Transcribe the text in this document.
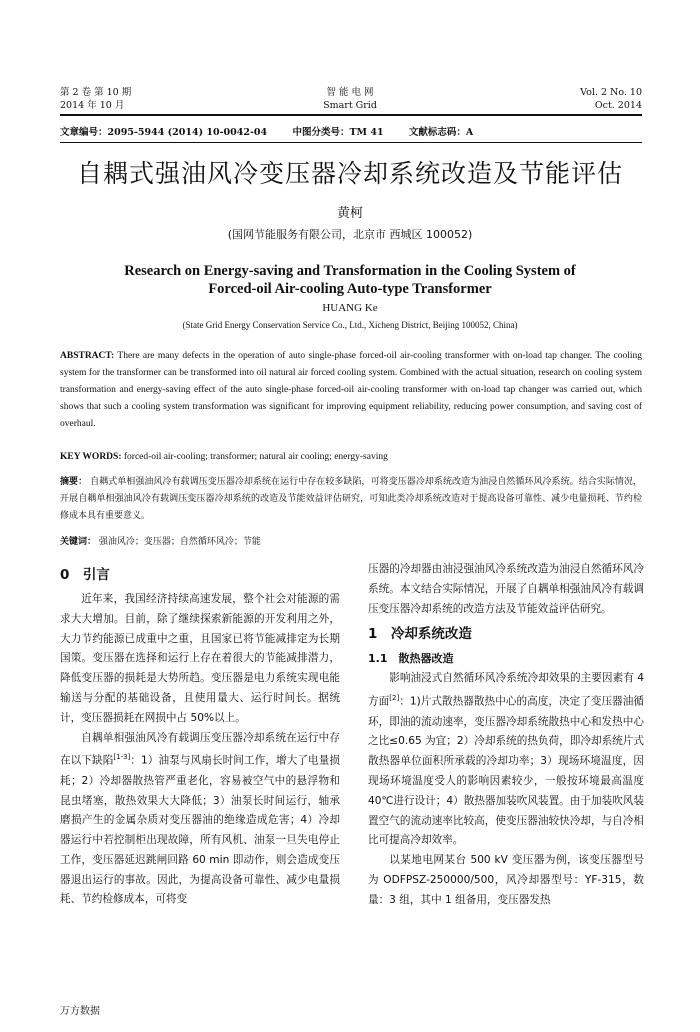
第 2 卷 第 10 期
2014 年 10 月
智 能 电 网
Smart Grid
Vol. 2 No. 10
Oct. 2014
文章编号：2095-5944 (2014) 10-0042-04	中图分类号：TM 41	文献标志码：A
自耦式强油风冷变压器冷却系统改造及节能评估
黄柯
(国网节能服务有限公司，北京市 西城区 100052)
Research on Energy-saving and Transformation in the Cooling System of
Forced-oil Air-cooling Auto-type Transformer
HUANG Ke
(State Grid Energy Conservation Service Co., Ltd., Xicheng District, Beijing 100052, China)
ABSTRACT: There are many defects in the operation of auto single-phase forced-oil air-cooling transformer with on-load tap changer. The cooling system for the transformer can be transformed into oil natural air forced cooling system. Combined with the actual situation, research on cooling system transformation and energy-saving effect of the auto single-phase forced-oil air-cooling transformer with on-load tap changer was carried out, which shows that such a cooling system transformation was significant for improving equipment reliability, reducing power consumption, and saving cost of overhaul.
KEY WORDS: forced-oil air-cooling; transformer; natural air cooling; energy-saving
摘要： 自耦式单相强油风冷有载调压变压器冷却系统在运行中存在较多缺陷，可将变压器冷却系统改造为油浸自然循环风冷系统。结合实际情况，开展自耦单相强油风冷有载调压变压器冷却系统的改造及节能效益评估研究，可知此类冷却系统改造对于提高设备可靠性、减少电量损耗、节约检修成本具有重要意义。
关键词： 强油风冷；变压器；自然循环风冷；节能
0　引言

近年来，我国经济持续高速发展，整个社会对能源的需求大大增加。目前，除了继续探索新能源的开发利用之外，大力节约能源已成重中之重，且国家已将节能减排定为长期国策。变压器在选择和运行上存在着很大的节能减排潜力，降低变压器的损耗是大势所趋。变压器是电力系统实现电能输送与分配的基础设备，且使用量大、运行时间长。据统计，变压器损耗在网损中占 50%以上。

自耦单相强油风冷有载调压变压器冷却系统在运行中存在以下缺陷[1-3]：1）油泵与风扇长时间工作，增大了电量损耗；2）冷却器散热管严重老化，容易被空气中的悬浮物和昆虫堵塞，散热效果大大降低；3）油泵长时间运行，轴承磨损产生的金属杂质对变压器油的绝缘造成危害；4）冷却器运行中若控制柜出现故障，所有风机、油泵一旦失电停止工作，变压器延迟跳闸回路 60 min 即动作，则会造成变压器退出运行的事故。因此，为提高设备可靠性、减少电量损耗、节约检修成本，可将变

压器的冷却器由油浸强油风冷系统改造为油浸自然循环风冷系统。本文结合实际情况，开展了自耦单相强油风冷有载调压变压器冷却系统的改造方法及节能效益评估研究。

1　冷却系统改造
1.1　散热器改造

影响油浸式自然循环风冷系统冷却效果的主要因素有 4 方面[2]：1)片式散热器散热中心的高度，决定了变压器油循环，即油的流动速率，变压器冷却系统散热中心和发热中心之比≤0.65 为宜；2）冷却系统的热负荷，即冷却系统片式散热器单位面积所承载的冷却功率；3）现场环境温度，因现场环境温度受人的影响因素较少，一般按环境最高温度 40℃进行设计；4）散热器加装吹风装置。由于加装吹风装置空气的流动速率比较高，使变压器油较快冷却，与自冷相比可提高冷却效率。

以某地电网某台 500 kV 变压器为例，该变压器型号为 ODFPSZ-250000/500，风冷却器型号：YF-315，数量：3 组，其中 1 组备用，变压器发热

万方数据
